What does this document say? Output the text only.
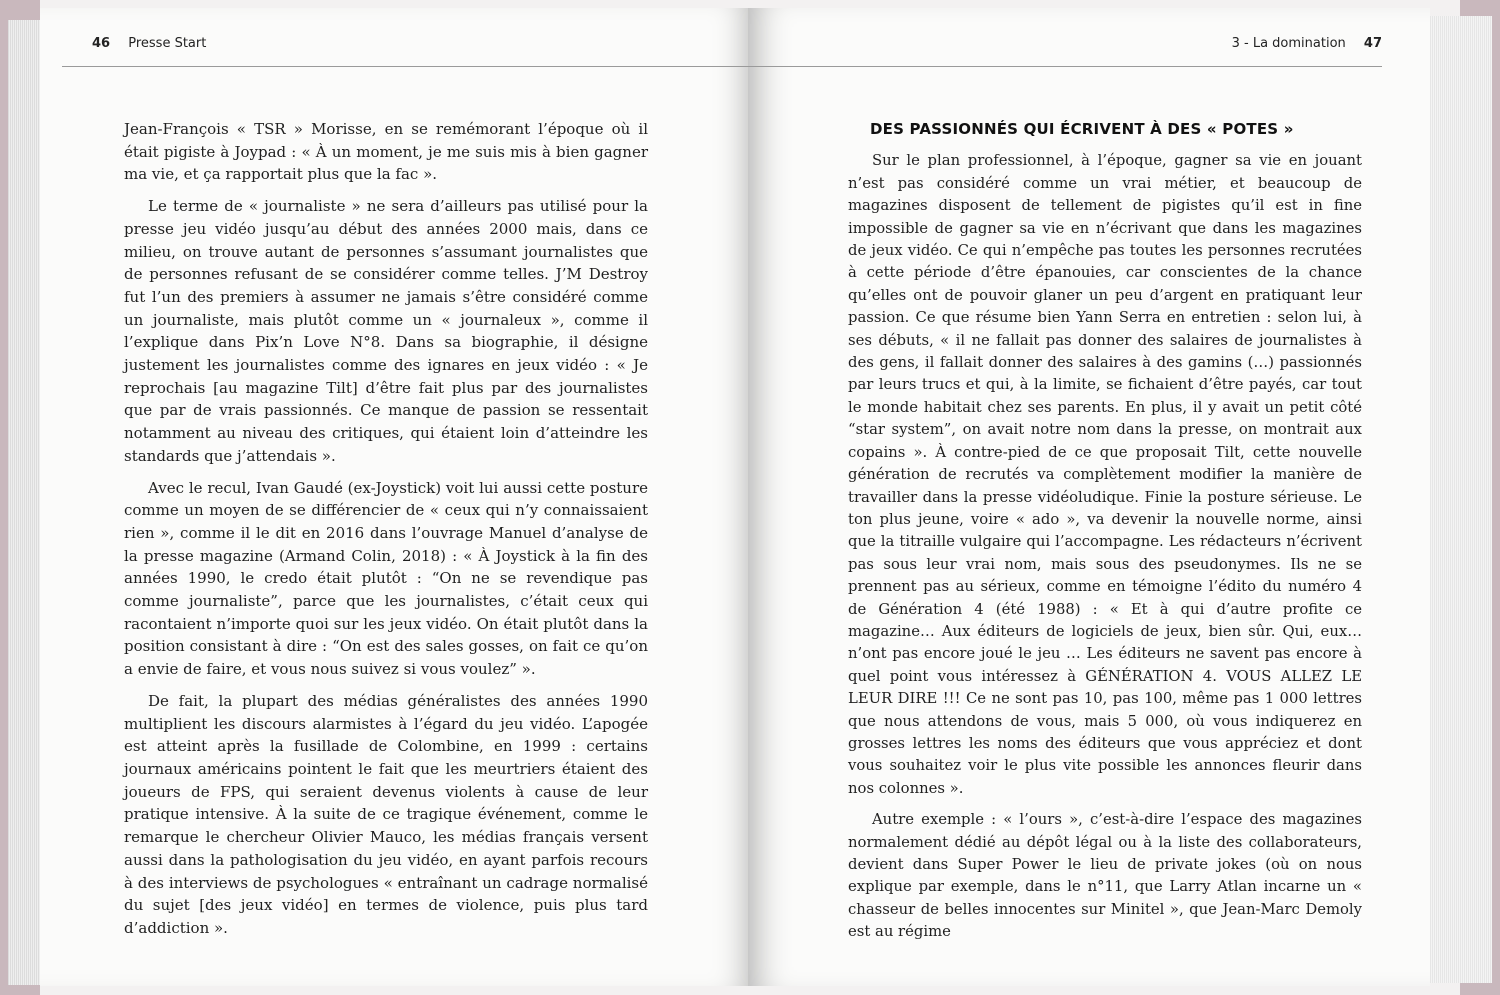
46 Presse Start

Jean-François « TSR » Morisse, en se remémorant l’époque où il était pigiste à Joypad : « À un moment, je me suis mis à bien gagner ma vie, et ça rapportait plus que la fac ».

Le terme de « journaliste » ne sera d’ailleurs pas utilisé pour la presse jeu vidéo jusqu’au début des années 2000 mais, dans ce milieu, on trouve autant de personnes s’assumant journalistes que de personnes refusant de se considérer comme telles. J’M Destroy fut l’un des premiers à assumer ne jamais s’être considéré comme un journaliste, mais plutôt comme un « journaleux », comme il l’explique dans Pix’n Love N°8. Dans sa biographie, il désigne justement les journalistes comme des ignares en jeux vidéo : « Je reprochais [au magazine Tilt] d’être fait plus par des journalistes que par de vrais passionnés. Ce manque de passion se ressentait notamment au niveau des critiques, qui étaient loin d’atteindre les standards que j’attendais ».

Avec le recul, Ivan Gaudé (ex-Joystick) voit lui aussi cette posture comme un moyen de se différencier de « ceux qui n’y connaissaient rien », comme il le dit en 2016 dans l’ouvrage Manuel d’analyse de la presse magazine (Armand Colin, 2018) : « À Joystick à la fin des années 1990, le credo était plutôt : “On ne se revendique pas comme journaliste”, parce que les journalistes, c’était ceux qui racontaient n’importe quoi sur les jeux vidéo. On était plutôt dans la position consistant à dire : “On est des sales gosses, on fait ce qu’on a envie de faire, et vous nous suivez si vous voulez” ».

De fait, la plupart des médias généralistes des années 1990 multiplient les discours alarmistes à l’égard du jeu vidéo. L’apogée est atteint après la fusillade de Colombine, en 1999 : certains journaux américains pointent le fait que les meurtriers étaient des joueurs de FPS, qui seraient devenus violents à cause de leur pratique intensive. À la suite de ce tragique événement, comme le remarque le chercheur Olivier Mauco, les médias français versent aussi dans la pathologisation du jeu vidéo, en ayant parfois recours à des interviews de psychologues « entraînant un cadrage normalisé du sujet [des jeux vidéo] en termes de violence, puis plus tard d’addiction ».

3 - La domination 47
DES PASSIONNÉS QUI ÉCRIVENT À DES « POTES »

Sur le plan professionnel, à l’époque, gagner sa vie en jouant n’est pas considéré comme un vrai métier, et beaucoup de magazines disposent de tellement de pigistes qu’il est in fine impossible de gagner sa vie en n’écrivant que dans les magazines de jeux vidéo. Ce qui n’empêche pas toutes les personnes recrutées à cette période d’être épanouies, car conscientes de la chance qu’elles ont de pouvoir glaner un peu d’argent en pratiquant leur passion. Ce que résume bien Yann Serra en entretien : selon lui, à ses débuts, « il ne fallait pas donner des salaires de journalistes à des gens, il fallait donner des salaires à des gamins (…) passionnés par leurs trucs et qui, à la limite, se fichaient d’être payés, car tout le monde habitait chez ses parents. En plus, il y avait un petit côté “star system”, on avait notre nom dans la presse, on montrait aux copains ». À contre-pied de ce que proposait Tilt, cette nouvelle génération de recrutés va complètement modifier la manière de travailler dans la presse vidéoludique. Finie la posture sérieuse. Le ton plus jeune, voire « ado », va devenir la nouvelle norme, ainsi que la titraille vulgaire qui l’accompagne. Les rédacteurs n’écrivent pas sous leur vrai nom, mais sous des pseudonymes. Ils ne se prennent pas au sérieux, comme en témoigne l’édito du numéro 4 de Génération 4 (été 1988) : « Et à qui d’autre profite ce magazine… Aux éditeurs de logiciels de jeux, bien sûr. Qui, eux… n’ont pas encore joué le jeu … Les éditeurs ne savent pas encore à quel point vous intéressez à GÉNÉRATION 4. VOUS ALLEZ LE LEUR DIRE !!! Ce ne sont pas 10, pas 100, même pas 1 000 lettres que nous attendons de vous, mais 5 000, où vous indiquerez en grosses lettres les noms des éditeurs que vous appréciez et dont vous souhaitez voir le plus vite possible les annonces fleurir dans nos colonnes ».

Autre exemple : « l’ours », c’est-à-dire l’espace des magazines normalement dédié au dépôt légal ou à la liste des collaborateurs, devient dans Super Power le lieu de private jokes (où on nous explique par exemple, dans le n°11, que Larry Atlan incarne un « chasseur de belles innocentes sur Minitel », que Jean-Marc Demoly est au régime
